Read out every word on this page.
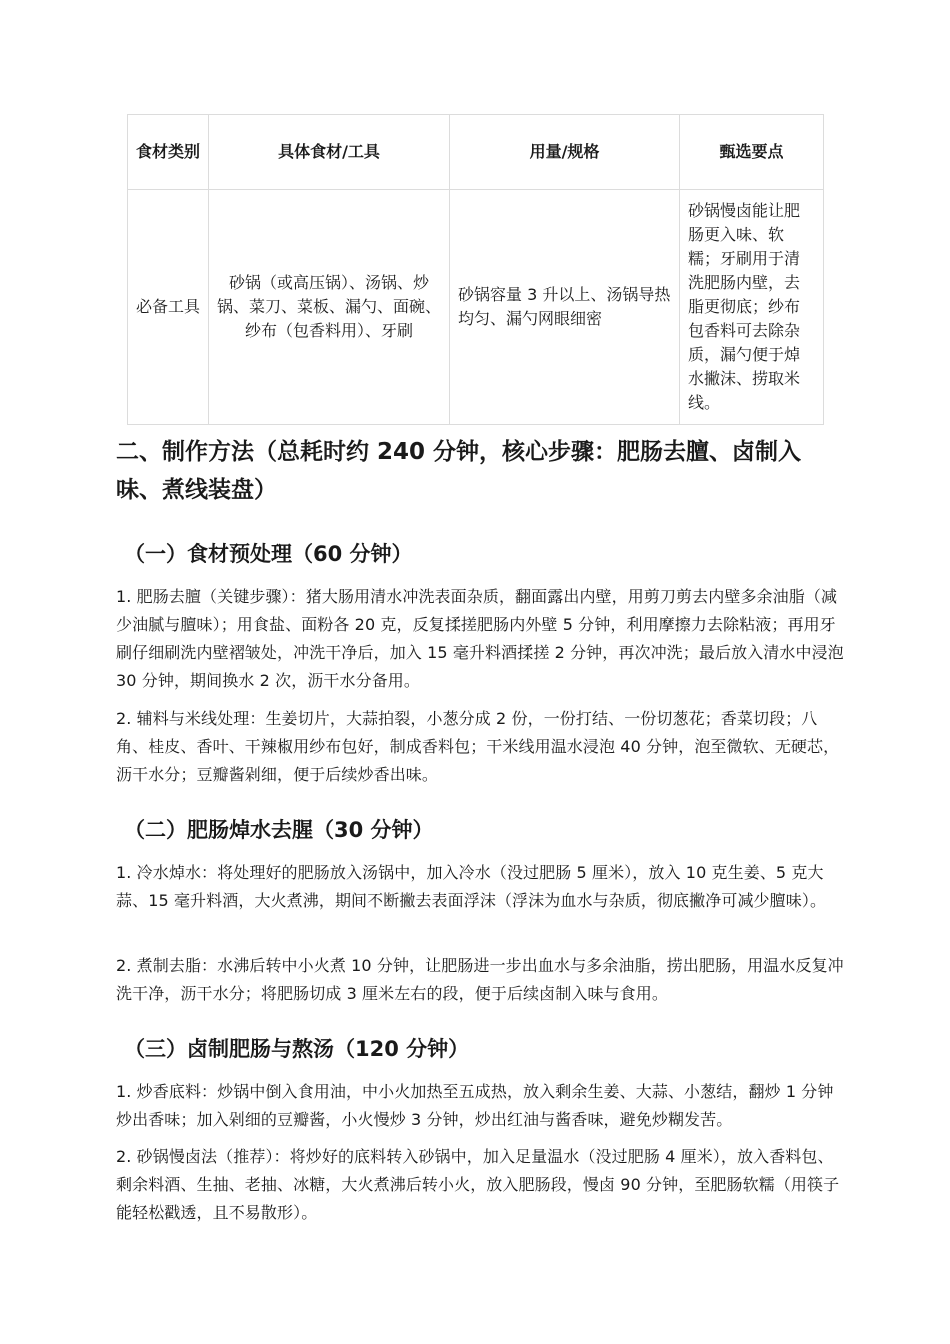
食材类别	具体食材/工具	用量/规格	甄选要点
必备工具	砂锅（或高压锅）、汤锅、炒锅、菜刀、菜板、漏勺、面碗、纱布（包香料用）、牙刷	砂锅容量 3 升以上、汤锅导热均匀、漏勺网眼细密	砂锅慢卤能让肥肠更入味、软糯；牙刷用于清洗肥肠内壁，去脂更彻底；纱布包香料可去除杂质，漏勺便于焯水撇沫、捞取米线。
二、制作方法（总耗时约 240 分钟，核心步骤：肥肠去膻、卤制入味、煮线装盘）
（一）食材预处理（60 分钟）

1. 肥肠去膻（关键步骤）：猪大肠用清水冲洗表面杂质，翻面露出内壁，用剪刀剪去内壁多余油脂（减少油腻与膻味）；用食盐、面粉各 20 克，反复揉搓肥肠内外壁 5 分钟，利用摩擦力去除粘液；再用牙刷仔细刷洗内壁褶皱处，冲洗干净后，加入 15 毫升料酒揉搓 2 分钟，再次冲洗；最后放入清水中浸泡 30 分钟，期间换水 2 次，沥干水分备用。

2. 辅料与米线处理：生姜切片，大蒜拍裂，小葱分成 2 份，一份打结、一份切葱花；香菜切段；八角、桂皮、香叶、干辣椒用纱布包好，制成香料包；干米线用温水浸泡 40 分钟，泡至微软、无硬芯，沥干水分；豆瓣酱剁细，便于后续炒香出味。

（二）肥肠焯水去腥（30 分钟）

1. 冷水焯水：将处理好的肥肠放入汤锅中，加入冷水（没过肥肠 5 厘米），放入 10 克生姜、5 克大蒜、15 毫升料酒，大火煮沸，期间不断撇去表面浮沫（浮沫为血水与杂质，彻底撇净可减少膻味）。

2. 煮制去脂：水沸后转中小火煮 10 分钟，让肥肠进一步出血水与多余油脂，捞出肥肠，用温水反复冲洗干净，沥干水分；将肥肠切成 3 厘米左右的段，便于后续卤制入味与食用。

（三）卤制肥肠与熬汤（120 分钟）

1. 炒香底料：炒锅中倒入食用油，中小火加热至五成热，放入剩余生姜、大蒜、小葱结，翻炒 1 分钟炒出香味；加入剁细的豆瓣酱，小火慢炒 3 分钟，炒出红油与酱香味，避免炒糊发苦。

2. 砂锅慢卤法（推荐）：将炒好的底料转入砂锅中，加入足量温水（没过肥肠 4 厘米），放入香料包、剩余料酒、生抽、老抽、冰糖，大火煮沸后转小火，放入肥肠段，慢卤 90 分钟，至肥肠软糯（用筷子能轻松戳透，且不易散形）。
